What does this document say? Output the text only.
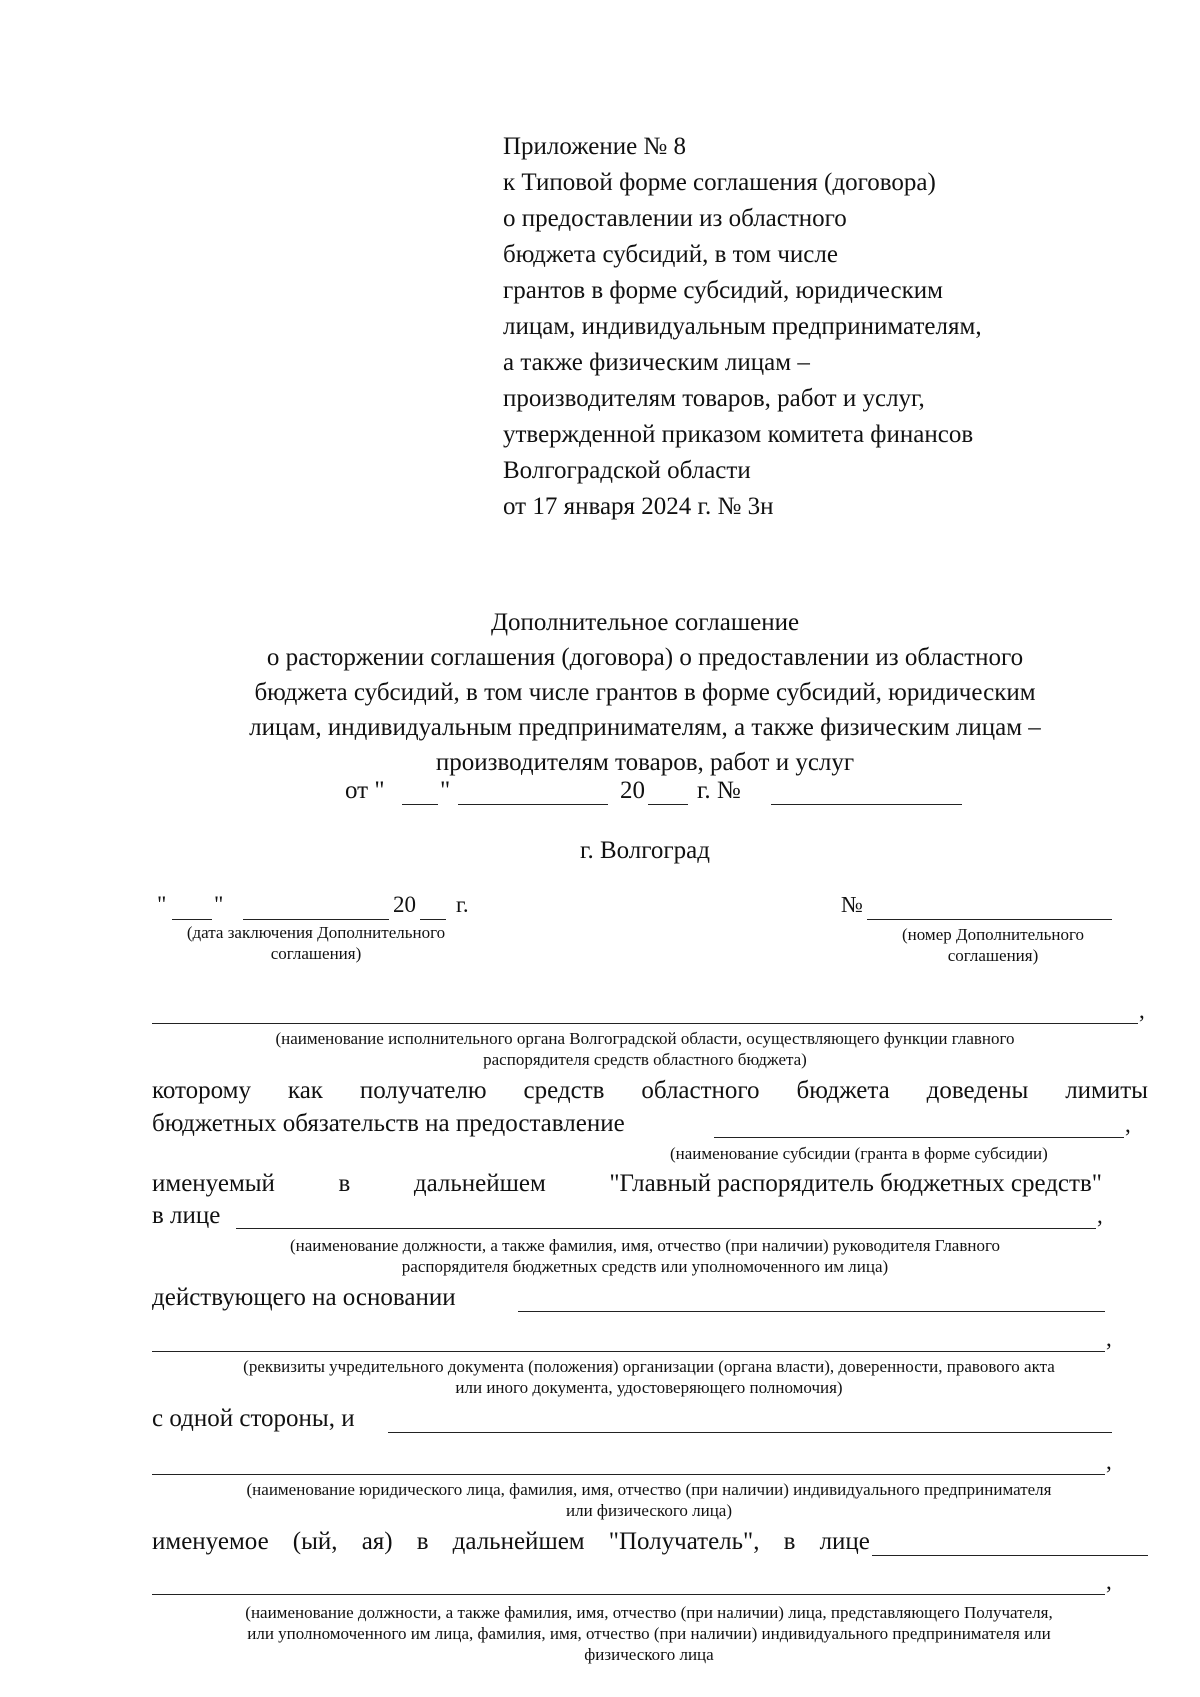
Приложение № 8
к Типовой форме соглашения (договора)
о предоставлении из областного
бюджета субсидий, в том числе
грантов в форме субсидий, юридическим
лицам, индивидуальным предпринимателям,
а также физическим лицам –
производителям товаров, работ и услуг,
утвержденной приказом комитета финансов
Волгоградской области
от 17 января 2024 г. № 3н
Дополнительное соглашение
о расторжении соглашения (договора) о предоставлении из областного
бюджета субсидий, в том числе грантов в форме субсидий, юридическим
лицам, индивидуальным предпринимателям, а также физическим лицам –
производителям товаров, работ и услуг
от " "	20 г. №
г. Волгоград
" "	20 г.	№
(дата заключения Дополнительного
соглашения)
(номер Дополнительного
соглашения)
,
(наименование исполнительного органа Волгоградской области, осуществляющего функции главного
распорядителя средств областного бюджета)
которому как получателю средств областного бюджета доведены лимиты
бюджетных обязательств на предоставление	,
(наименование субсидии (гранта в форме субсидии)
именуемый	в	дальнейшем	"Главный распорядитель бюджетных средств"
в лице	,
(наименование должности, а также фамилия, имя, отчество (при наличии) руководителя Главного
распорядителя бюджетных средств или уполномоченного им лица)
действующего на основании
,
(реквизиты учредительного документа (положения) организации (органа власти), доверенности, правового акта
или иного документа, удостоверяющего полномочия)
с одной стороны, и
,
(наименование юридического лица, фамилия, имя, отчество (при наличии) индивидуального предпринимателя
или физического лица)
именуемое (ый, ая) в дальнейшем "Получатель", в лице
,
(наименование должности, а также фамилия, имя, отчество (при наличии) лица, представляющего Получателя,
или уполномоченного им лица, фамилия, имя, отчество (при наличии) индивидуального предпринимателя или
физического лица
